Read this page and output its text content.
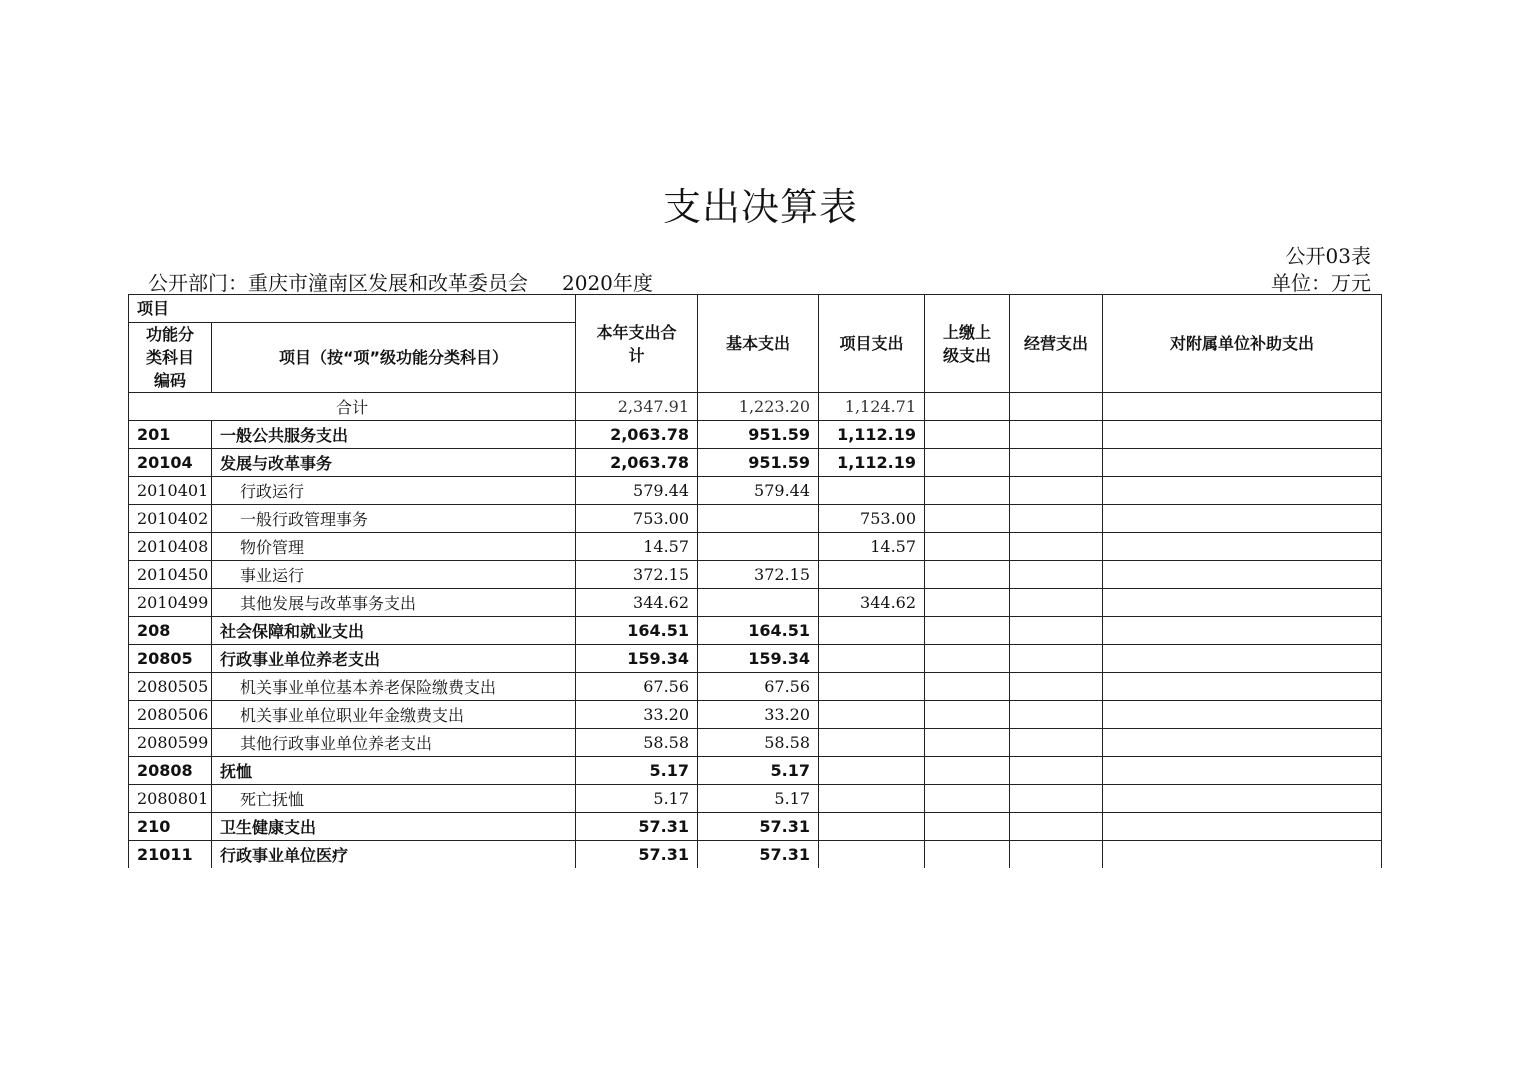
支出决算表
公开03表
公开部门：重庆市潼南区发展和改革委员会 2020年度	单位：万元
项目		本年支出合计	基本支出	项目支出	上缴上级支出	经营支出	对附属单位补助支出
功能分类科目编码	项目（按“项”级功能分类科目）						
合计		2,347.91	1,223.20	1,124.71			
201	一般公共服务支出	2,063.78	951.59	1,112.19			
20104	发展与改革事务	2,063.78	951.59	1,112.19			
2010401	行政运行	579.44	579.44				
2010402	一般行政管理事务	753.00		753.00			
2010408	物价管理	14.57		14.57			
2010450	事业运行	372.15	372.15				
2010499	其他发展与改革事务支出	344.62		344.62			
208	社会保障和就业支出	164.51	164.51				
20805	行政事业单位养老支出	159.34	159.34				
2080505	机关事业单位基本养老保险缴费支出	67.56	67.56				
2080506	机关事业单位职业年金缴费支出	33.20	33.20				
2080599	其他行政事业单位养老支出	58.58	58.58				
20808	抚恤	5.17	5.17				
2080801	死亡抚恤	5.17	5.17				
210	卫生健康支出	57.31	57.31				
21011	行政事业单位医疗	57.31	57.31				
